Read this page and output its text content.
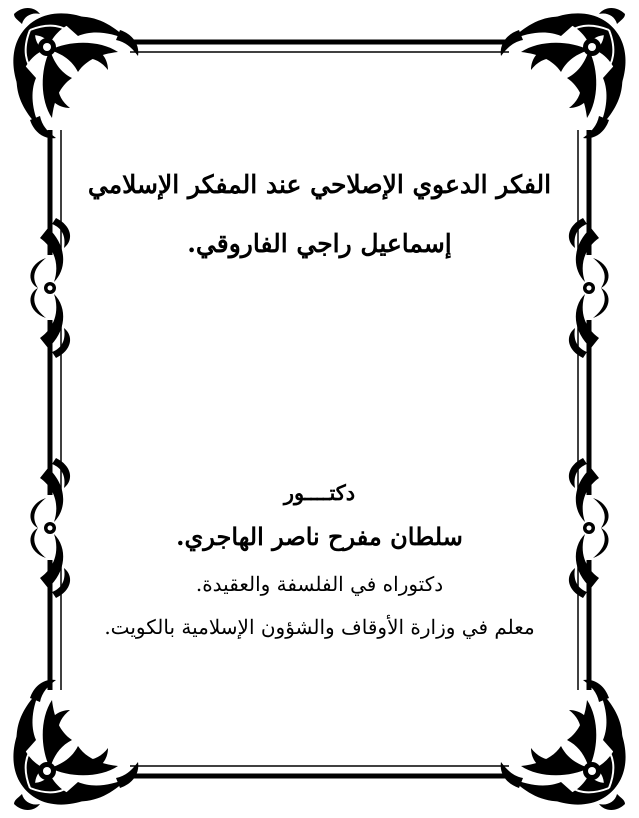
الفكر الدعوي الإصلاحي عند المفكر الإسلامي
إسماعيل راجي الفاروقي.
دكتــــور
سلطان مفرح ناصر الهاجري.
دكتوراه في الفلسفة والعقيدة.
معلم في وزارة الأوقاف والشؤون الإسلامية بالكويت.
